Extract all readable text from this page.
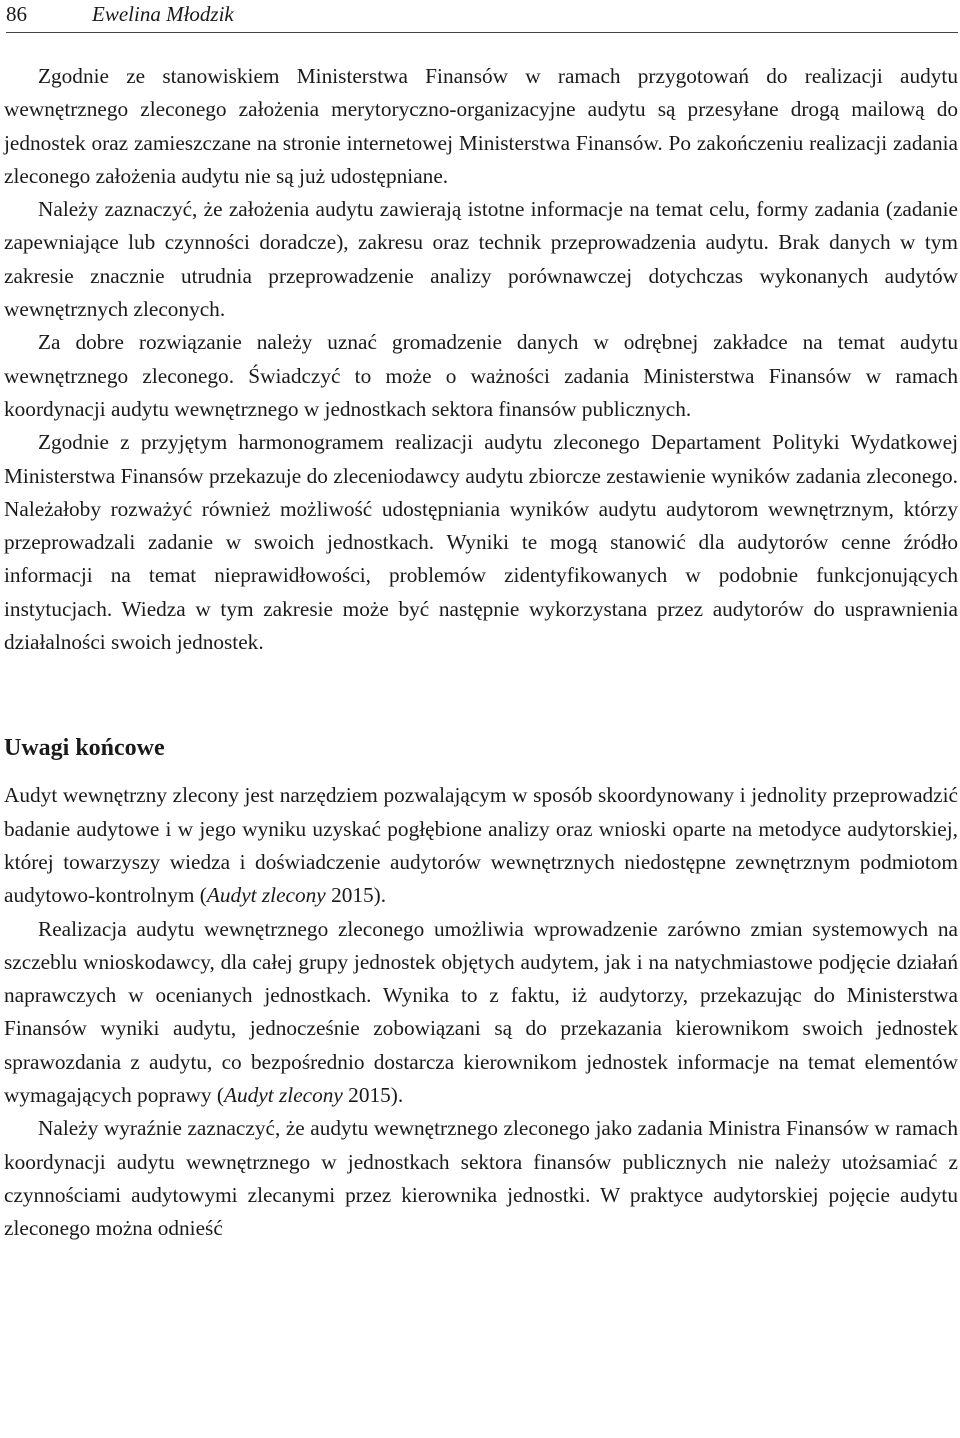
86	Ewelina Młodzik

Zgodnie ze stanowiskiem Ministerstwa Finansów w ramach przygotowań do realizacji audytu wewnętrznego zleconego założenia merytoryczno-organizacyjne audytu są przesyłane drogą mailową do jednostek oraz zamieszczane na stronie internetowej Ministerstwa Finansów. Po zakończeniu realizacji zadania zleconego założenia audytu nie są już udostępniane.

Należy zaznaczyć, że założenia audytu zawierają istotne informacje na temat celu, formy zadania (zadanie zapewniające lub czynności doradcze), zakresu oraz technik przeprowadzenia audytu. Brak danych w tym zakresie znacznie utrudnia przeprowadzenie analizy porównawczej dotychczas wykonanych audytów wewnętrznych zleconych.

Za dobre rozwiązanie należy uznać gromadzenie danych w odrębnej zakładce na temat audytu wewnętrznego zleconego. Świadczyć to może o ważności zadania Ministerstwa Finansów w ramach koordynacji audytu wewnętrznego w jednostkach sektora finansów publicznych.

Zgodnie z przyjętym harmonogramem realizacji audytu zleconego Departament Polityki Wydatkowej Ministerstwa Finansów przekazuje do zleceniodawcy audytu zbiorcze zestawienie wyników zadania zleconego. Należałoby rozważyć również możliwość udostępniania wyników audytu audytorom wewnętrznym, którzy przeprowadzali zadanie w swoich jednostkach. Wyniki te mogą stanowić dla audytorów cenne źródło informacji na temat nieprawidłowości, problemów zidentyfikowanych w podobnie funkcjonujących instytucjach. Wiedza w tym zakresie może być następnie wykorzystana przez audytorów do usprawnienia działalności swoich jednostek.

Uwagi końcowe

Audyt wewnętrzny zlecony jest narzędziem pozwalającym w sposób skoordynowany i jednolity przeprowadzić badanie audytowe i w jego wyniku uzyskać pogłębione analizy oraz wnioski oparte na metodyce audytorskiej, której towarzyszy wiedza i doświadczenie audytorów wewnętrznych niedostępne zewnętrznym podmiotom audytowo-kontrolnym (Audyt zlecony 2015).

Realizacja audytu wewnętrznego zleconego umożliwia wprowadzenie zarówno zmian systemowych na szczeblu wnioskodawcy, dla całej grupy jednostek objętych audytem, jak i na natychmiastowe podjęcie działań naprawczych w ocenianych jednostkach. Wynika to z faktu, iż audytorzy, przekazując do Ministerstwa Finansów wyniki audytu, jednocześnie zobowiązani są do przekazania kierownikom swoich jednostek sprawozdania z audytu, co bezpośrednio dostarcza kierownikom jednostek informacje na temat elementów wymagających poprawy (Audyt zlecony 2015).

Należy wyraźnie zaznaczyć, że audytu wewnętrznego zleconego jako zadania Ministra Finansów w ramach koordynacji audytu wewnętrznego w jednostkach sektora finansów publicznych nie należy utożsamiać z czynnościami audytowymi zlecanymi przez kierownika jednostki. W praktyce audytorskiej pojęcie audytu zleconego można odnieść
